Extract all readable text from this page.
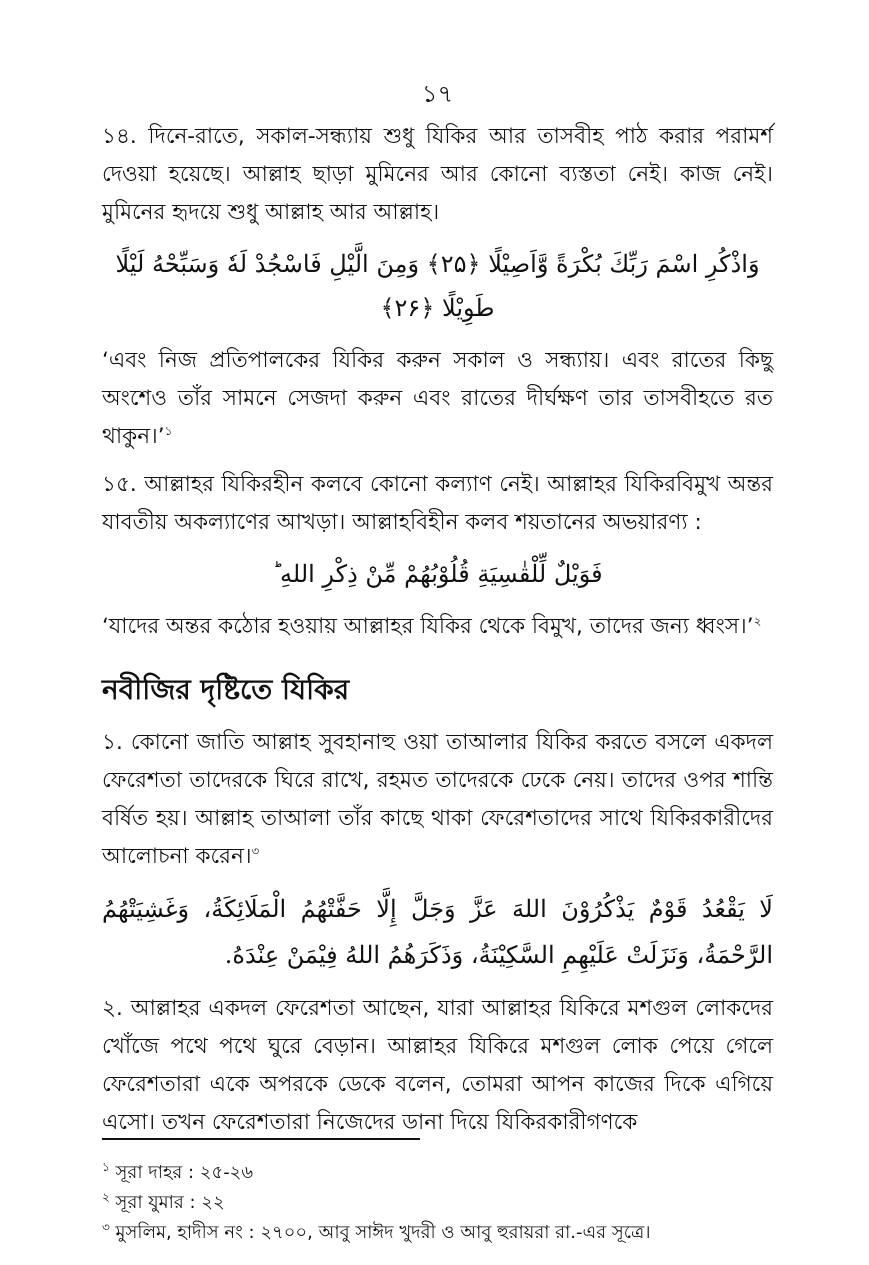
১৭

১৪. দিনে-রাতে, সকাল-সন্ধ্যায় শুধু যিকির আর তাসবীহ পাঠ করার পরামর্শ দেওয়া হয়েছে। আল্লাহ ছাড়া মুমিনের আর কোনো ব্যস্ততা নেই। কাজ নেই। মুমিনের হৃদয়ে শুধু আল্লাহ আর আল্লাহ।

وَاذْكُرِ اسْمَ رَبِّكَ بُكْرَةً وَّاَصِيْلًا ﴿۲۵﴾ وَمِنَ الَّيْلِ فَاسْجُدْ لَهٗ وَسَبِّحْهُ لَيْلًا طَوِيْلًا ﴿۲۶﴾

‘এবং নিজ প্রতিপালকের যিকির করুন সকাল ও সন্ধ্যায়। এবং রাতের কিছু অংশেও তাঁর সামনে সেজদা করুন এবং রাতের দীর্ঘক্ষণ তার তাসবীহতে রত থাকুন।’$^১$

১৫. আল্লাহর যিকিরহীন কলবে কোনো কল্যাণ নেই। আল্লাহর যিকিরবিমুখ অন্তর যাবতীয় অকল্যাণের আখড়া। আল্লাহবিহীন কলব শয়তানের অভয়ারণ্য :

فَوَيْلٌ لِّلْقٰسِيَةِ قُلُوْبُهُمْ مِّنْ ذِكْرِ اللهِ ؕ

‘যাদের অন্তর কঠোর হওয়ায় আল্লাহর যিকির থেকে বিমুখ, তাদের জন্য ধ্বংস।’$^২$

নবীজির দৃষ্টিতে যিকির

১. কোনো জাতি আল্লাহ সুবহানাহু ওয়া তাআলার যিকির করতে বসলে একদল ফেরেশতা তাদেরকে ঘিরে রাখে, রহমত তাদেরকে ঢেকে নেয়। তাদের ওপর শান্তি বর্ষিত হয়। আল্লাহ তাআলা তাঁর কাছে থাকা ফেরেশতাদের সাথে যিকিরকারীদের আলোচনা করেন।$^৩$

لَا يَقْعُدُ قَوْمٌ يَذْكُرُوْنَ اللهَ عَزَّ وَجَلَّ إِلَّا حَفَّتْهُمُ الْمَلَائِكَةُ، وَغَشِيَتْهُمُ الرَّحْمَةُ، وَنَزَلَتْ عَلَيْهِمِ السَّكِيْنَةُ، وَذَكَرَهُمُ اللهُ فِيْمَنْ عِنْدَهُ.

২. আল্লাহর একদল ফেরেশতা আছেন, যারা আল্লাহর যিকিরে মশগুল লোকদের খোঁজে পথে পথে ঘুরে বেড়ান। আল্লাহর যিকিরে মশগুল লোক পেয়ে গেলে ফেরেশতারা একে অপরকে ডেকে বলেন, তোমরা আপন কাজের দিকে এগিয়ে এসো। তখন ফেরেশতারা নিজেদের ডানা দিয়ে যিকিরকারীগণকে

$^১$ সূরা দাহর : ২৫-২৬
$^২$ সূরা যুমার : ২২
$^৩$ মুসলিম, হাদীস নং : ২৭০০, আবু সাঈদ খুদরী ও আবু হুরায়রা রা.-এর সূত্রে।
